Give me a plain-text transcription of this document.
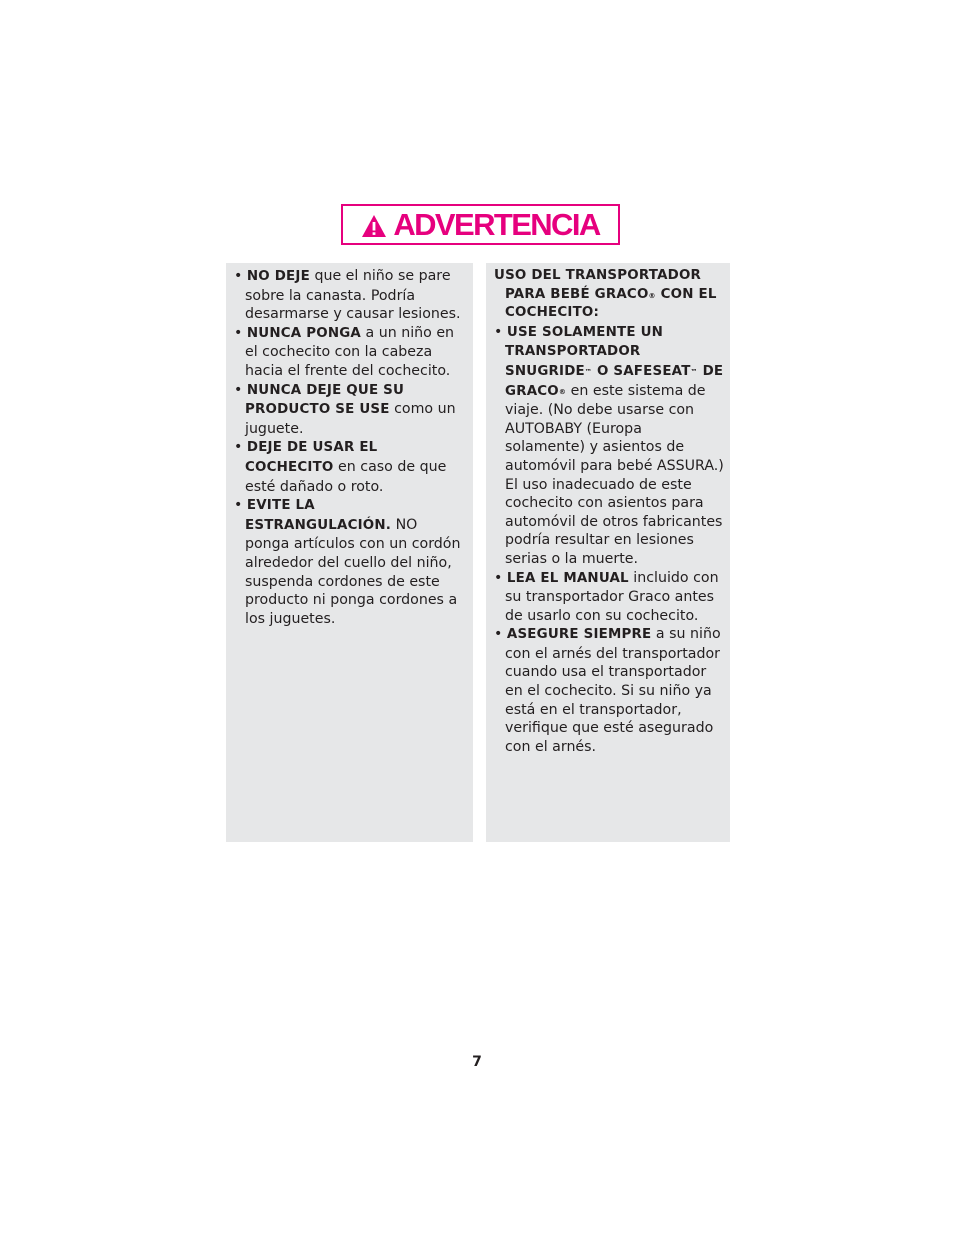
ADVERTENCIA

• NO DEJE que el niño se pare sobre la canasta. Podría desarmarse y causar lesiones.

• NUNCA PONGA a un niño en el cochecito con la cabeza hacia el frente del cochecito.

• NUNCA DEJE QUE SU PRODUCTO SE USE como un juguete.

• DEJE DE USAR EL COCHECITO en caso de que esté dañado o roto.

• EVITE LA ESTRANGULACIÓN. NO ponga artículos con un cordón alrededor del cuello del niño, suspenda cordones de este producto ni ponga cordones a los juguetes.

USO DEL TRANSPORTADOR PARA BEBÉ GRACO® CON EL COCHECITO:

• USE SOLAMENTE UN TRANSPORTADOR SNUGRIDE™ O SAFESEAT™ DE GRACO® en este sistema de viaje. (No debe usarse con AUTOBABY (Europa solamente) y asientos de automóvil para bebé ASSURA.) El uso inadecuado de este cochecito con asientos para automóvil de otros fabricantes podría resultar en lesiones serias o la muerte.

• LEA EL MANUAL incluido con su transportador Graco antes de usarlo con su cochecito.

• ASEGURE SIEMPRE a su niño con el arnés del transportador cuando usa el transportador en el cochecito. Si su niño ya está en el transportador, verifique que esté asegurado con el arnés.

7
